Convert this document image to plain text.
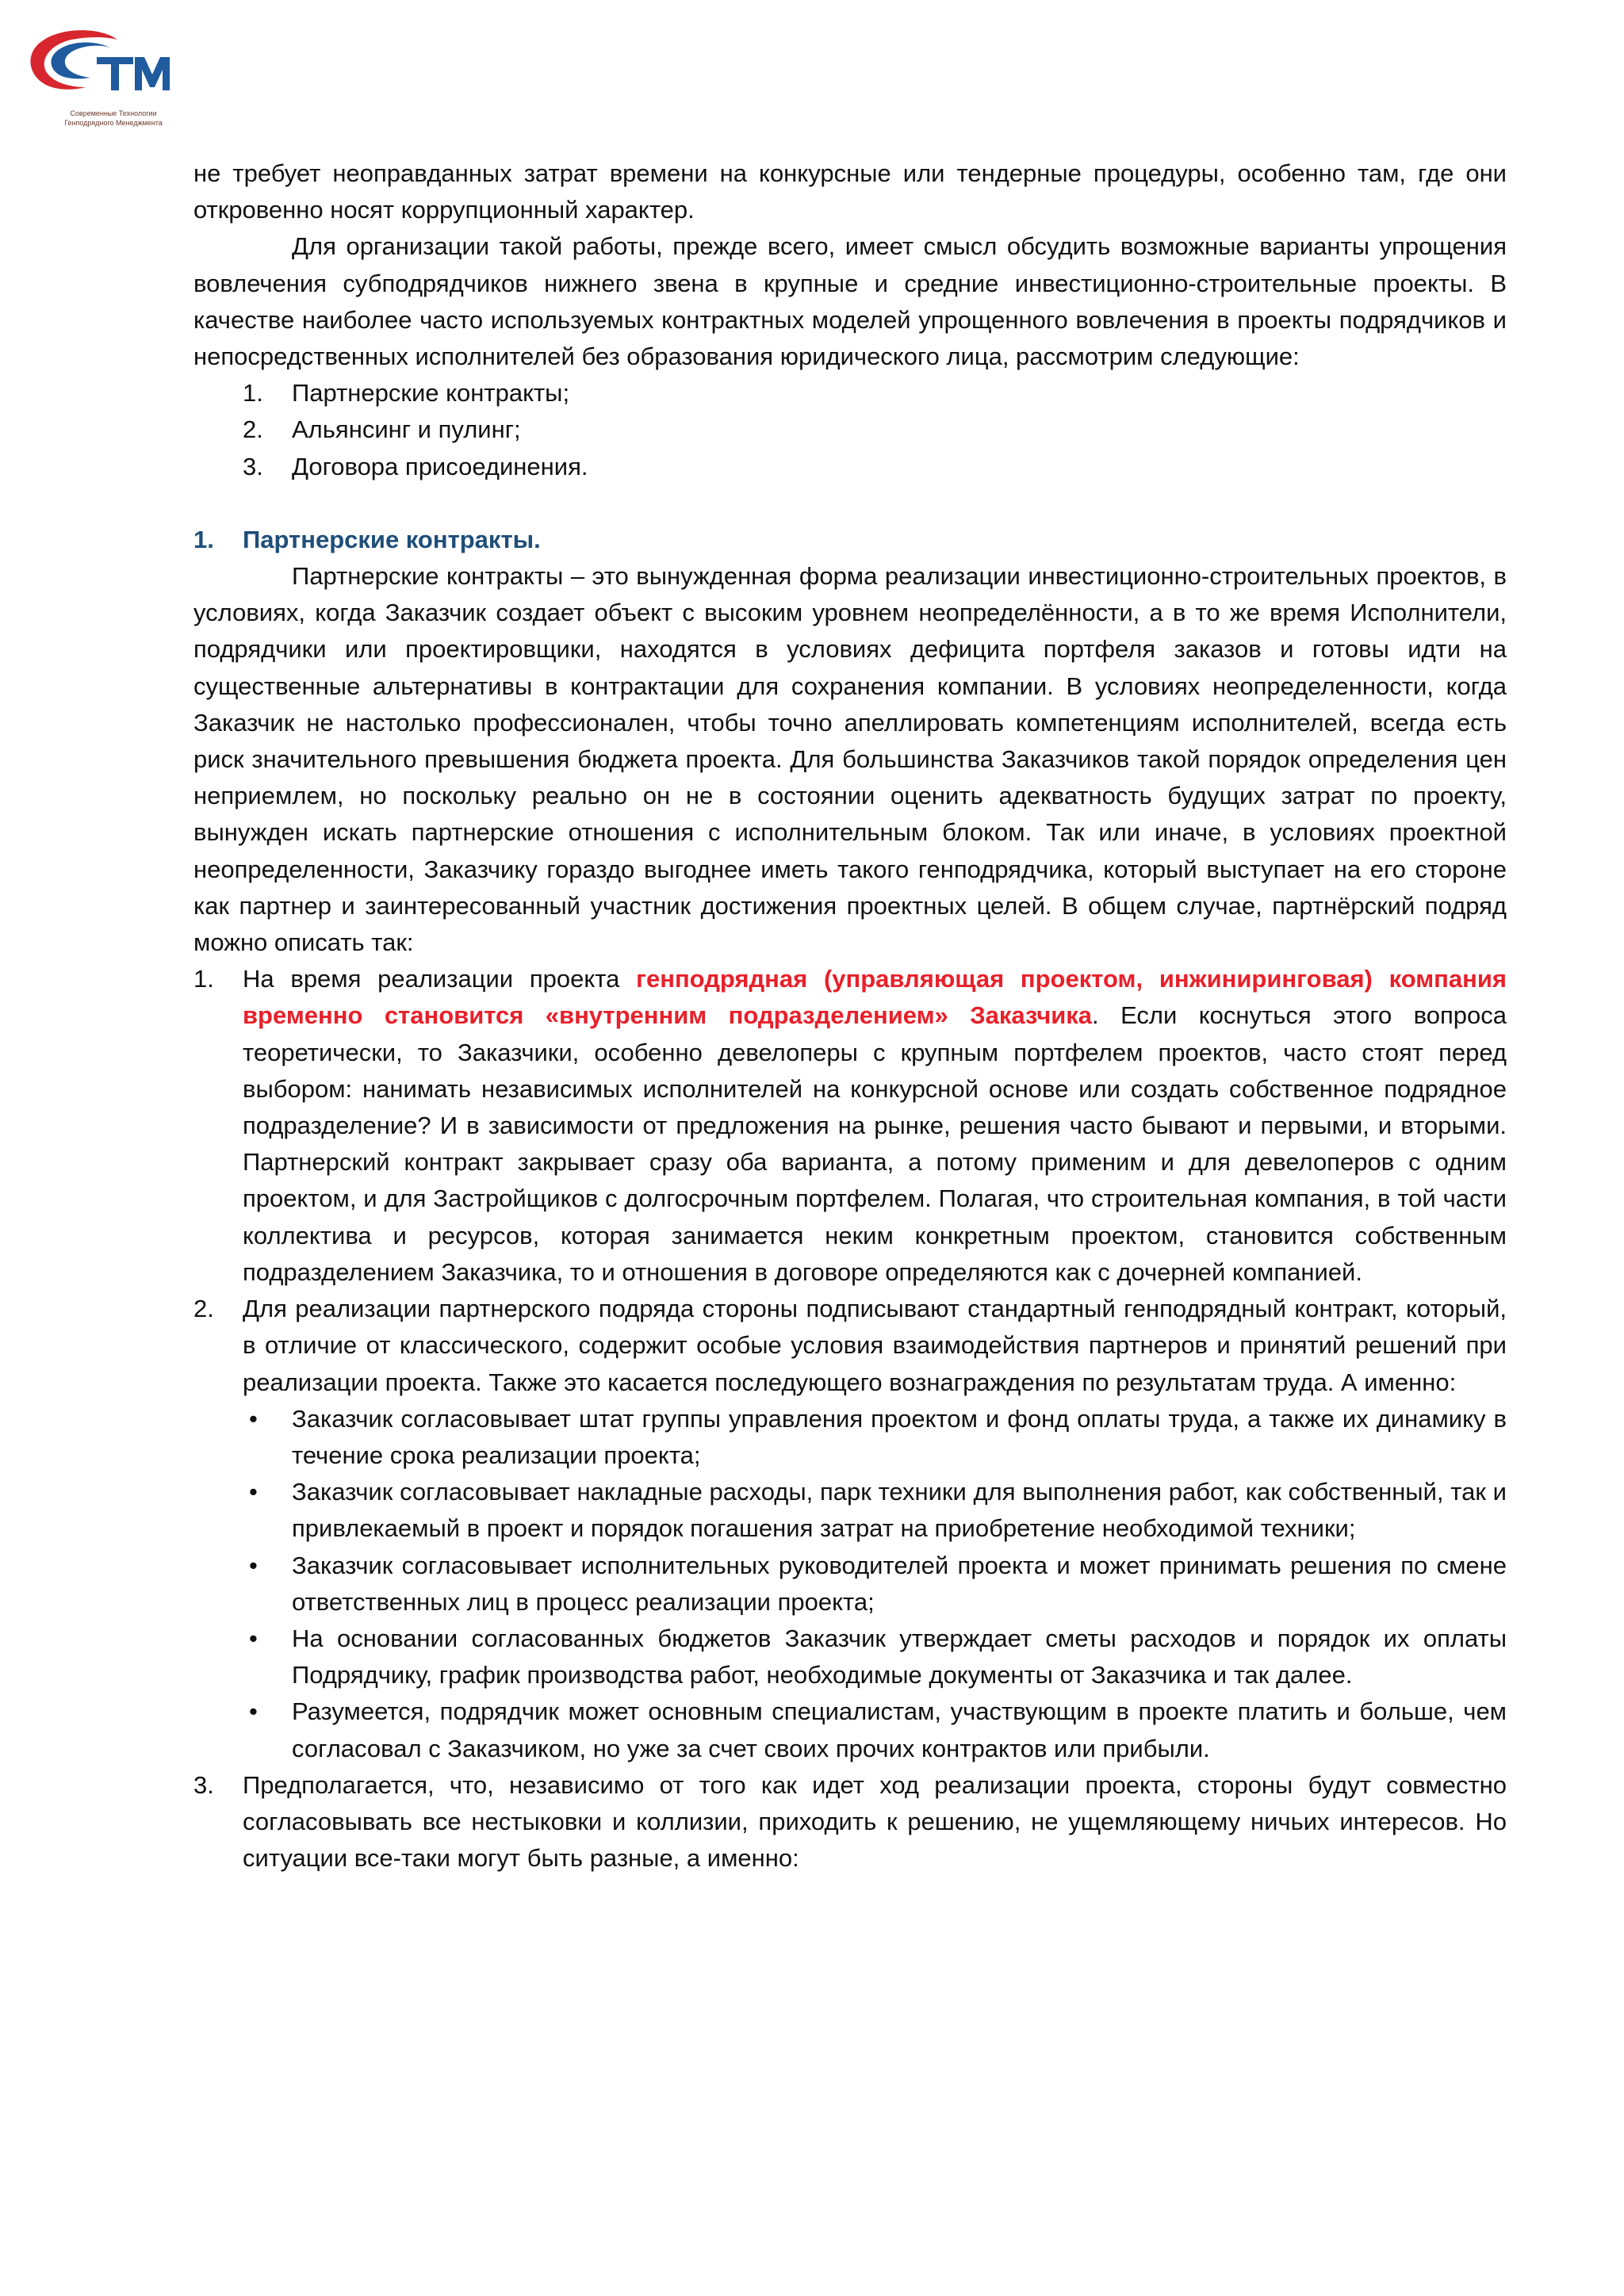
СТМ
Современные Технологии
Генподрядного Менеджмента

не требует неоправданных затрат времени на конкурсные или тендерные процедуры, особенно там, где они откровенно носят коррупционный характер.

Для организации такой работы, прежде всего, имеет смысл обсудить возможные варианты упрощения вовлечения субподрядчиков нижнего звена в крупные и средние инвестиционно-строительные проекты. В качестве наиболее часто используемых контрактных моделей упрощенного вовлечения в проекты подрядчиков и непосредственных исполнителей без образования юридического лица, рассмотрим следующие:

1. Партнерские контракты;
2. Альянсинг и пулинг;
3. Договора присоединения.
1. Партнерские контракты.

Партнерские контракты – это вынужденная форма реализации инвестиционно-строительных проектов, в условиях, когда Заказчик создает объект с высоким уровнем неопределённости, а в то же время Исполнители, подрядчики или проектировщики, находятся в условиях дефицита портфеля заказов и готовы идти на существенные альтернативы в контрактации для сохранения компании. В условиях неопределенности, когда Заказчик не настолько профессионален, чтобы точно апеллировать компетенциям исполнителей, всегда есть риск значительного превышения бюджета проекта. Для большинства Заказчиков такой порядок определения цен неприемлем, но поскольку реально он не в состоянии оценить адекватность будущих затрат по проекту, вынужден искать партнерские отношения с исполнительным блоком. Так или иначе, в условиях проектной неопределенности, Заказчику гораздо выгоднее иметь такого генподрядчика, который выступает на его стороне как партнер и заинтересованный участник достижения проектных целей. В общем случае, партнёрский подряд можно описать так:

1. На время реализации проекта генподрядная (управляющая проектом, инжиниринговая) компания временно становится «внутренним подразделением» Заказчика. Если коснуться этого вопроса теоретически, то Заказчики, особенно девелоперы с крупным портфелем проектов, часто стоят перед выбором: нанимать независимых исполнителей на конкурсной основе или создать собственное подрядное подразделение? И в зависимости от предложения на рынке, решения часто бывают и первыми, и вторыми. Партнерский контракт закрывает сразу оба варианта, а потому применим и для девелоперов с одним проектом, и для Застройщиков с долгосрочным портфелем. Полагая, что строительная компания, в той части коллектива и ресурсов, которая занимается неким конкретным проектом, становится собственным подразделением Заказчика, то и отношения в договоре определяются как с дочерней компанией.
2. Для реализации партнерского подряда стороны подписывают стандартный генподрядный контракт, который, в отличие от классического, содержит особые условия взаимодействия партнеров и принятий решений при реализации проекта. Также это касается последующего вознаграждения по результатам труда. А именно:
• Заказчик согласовывает штат группы управления проектом и фонд оплаты труда, а также их динамику в течение срока реализации проекта;
• Заказчик согласовывает накладные расходы, парк техники для выполнения работ, как собственный, так и привлекаемый в проект и порядок погашения затрат на приобретение необходимой техники;
• Заказчик согласовывает исполнительных руководителей проекта и может принимать решения по смене ответственных лиц в процесс реализации проекта;
• На основании согласованных бюджетов Заказчик утверждает сметы расходов и порядок их оплаты Подрядчику, график производства работ, необходимые документы от Заказчика и так далее.
• Разумеется, подрядчик может основным специалистам, участвующим в проекте платить и больше, чем согласовал с Заказчиком, но уже за счет своих прочих контрактов или прибыли.
3. Предполагается, что, независимо от того как идет ход реализации проекта, стороны будут совместно согласовывать все нестыковки и коллизии, приходить к решению, не ущемляющему ничьих интересов. Но ситуации все-таки могут быть разные, а именно:
